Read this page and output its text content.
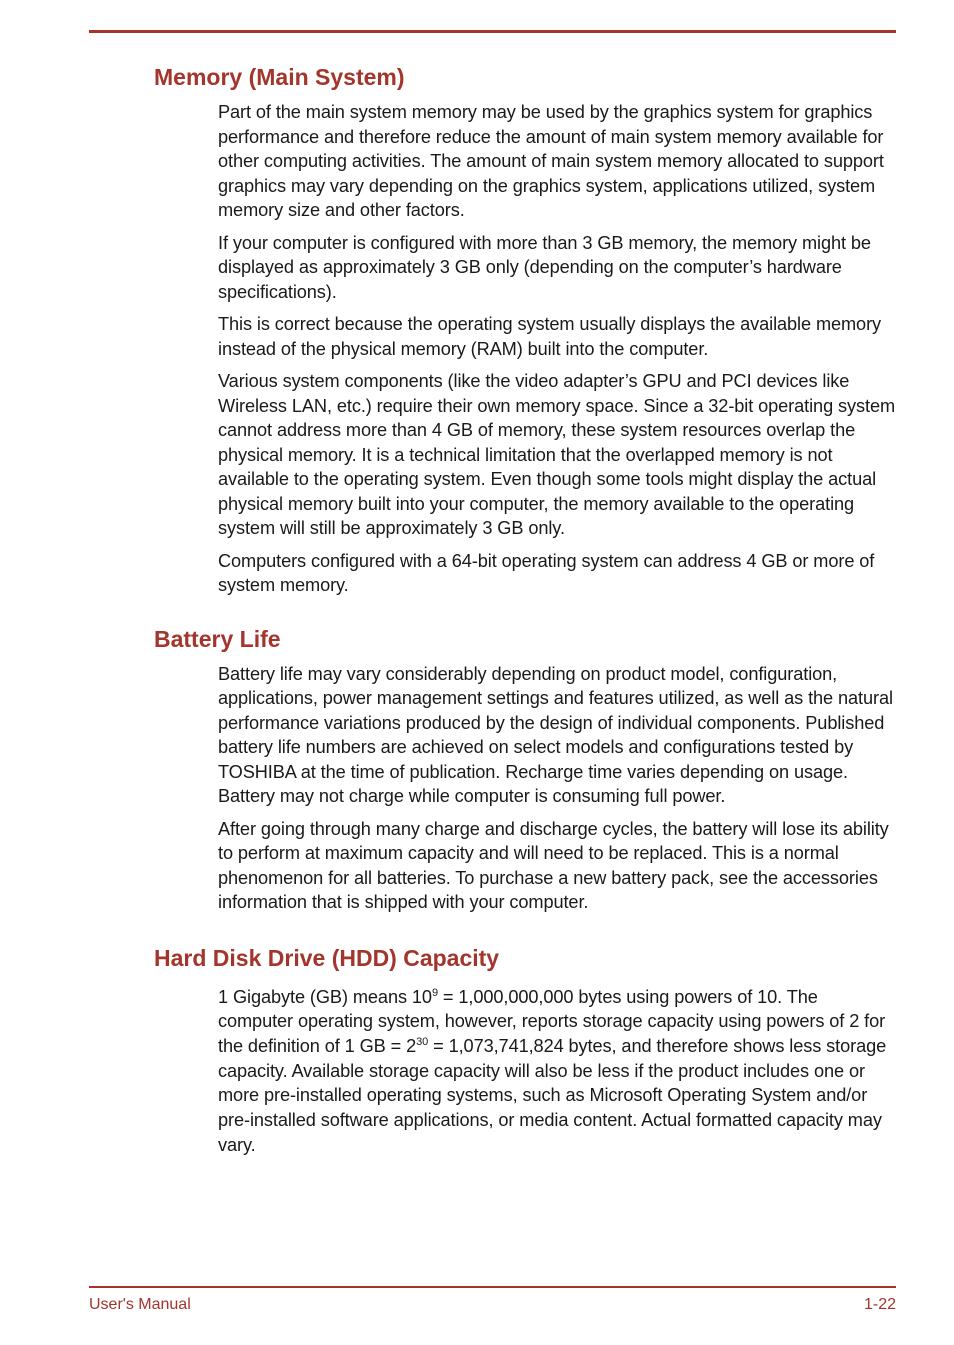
Memory (Main System)

Part of the main system memory may be used by the graphics system for graphics performance and therefore reduce the amount of main system memory available for other computing activities. The amount of main system memory allocated to support graphics may vary depending on the graphics system, applications utilized, system memory size and other factors.

If your computer is configured with more than 3 GB memory, the memory might be displayed as approximately 3 GB only (depending on the computer’s hardware specifications).

This is correct because the operating system usually displays the available memory instead of the physical memory (RAM) built into the computer.

Various system components (like the video adapter’s GPU and PCI devices like Wireless LAN, etc.) require their own memory space. Since a 32-bit operating system cannot address more than 4 GB of memory, these system resources overlap the physical memory. It is a technical limitation that the overlapped memory is not available to the operating system. Even though some tools might display the actual physical memory built into your computer, the memory available to the operating system will still be approximately 3 GB only.

Computers configured with a 64-bit operating system can address 4 GB or more of system memory.

Battery Life

Battery life may vary considerably depending on product model, configuration, applications, power management settings and features utilized, as well as the natural performance variations produced by the design of individual components. Published battery life numbers are achieved on select models and configurations tested by TOSHIBA at the time of publication. Recharge time varies depending on usage. Battery may not charge while computer is consuming full power.

After going through many charge and discharge cycles, the battery will lose its ability to perform at maximum capacity and will need to be replaced. This is a normal phenomenon for all batteries. To purchase a new battery pack, see the accessories information that is shipped with your computer.

Hard Disk Drive (HDD) Capacity

1 Gigabyte (GB) means $10^9 = 1,000,000,000$ bytes using powers of 10. The computer operating system, however, reports storage capacity using powers of 2 for the definition of 1 GB = $2^{30} = 1,073,741,824$ bytes, and therefore shows less storage capacity. Available storage capacity will also be less if the product includes one or more pre-installed operating systems, such as Microsoft Operating System and/or pre-installed software applications, or media content. Actual formatted capacity may vary.

User's Manual	1-22
